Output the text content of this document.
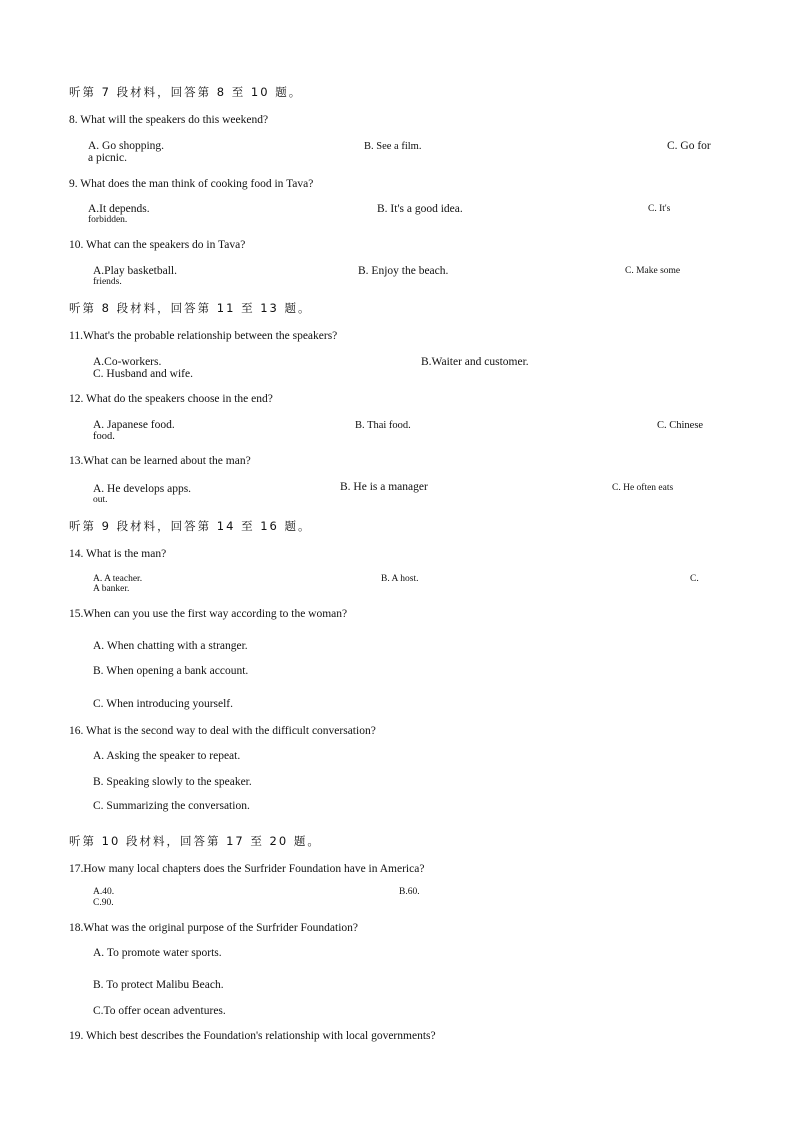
听第 7 段材料，回答第 8 至 10 题。
8. What will the speakers do this weekend?
A. Go shopping.	B. See a film.	C. Go for
a picnic.
9. What does the man think of cooking food in Tava?
A.It depends.	B. It's a good idea.	C. It's
forbidden.
10. What can the speakers do in Tava?
A.Play basketball.	B. Enjoy the beach.	C. Make some
friends.
听第 8 段材料，回答第 11 至 13 题。
11.What's the probable relationship between the speakers?
A.Co-workers.	B.Waiter and customer.
C. Husband and wife.
12. What do the speakers choose in the end?
A. Japanese food.	B. Thai food.	C. Chinese
food.
13.What can be learned about the man?
A. He develops apps.	B. He is a manager	C. He often eats
out.
听第 9 段材料，回答第 14 至 16 题。
14. What is the man?
A. A teacher.	B. A host.	C.
A banker.
15.When can you use the first way according to the woman?
A. When chatting with a stranger.
B. When opening a bank account.
C. When introducing yourself.
16. What is the second way to deal with the difficult conversation?
A. Asking the speaker to repeat.
B. Speaking slowly to the speaker.
C. Summarizing the conversation.
听第 10 段材料，回答第 17 至 20 题。
17.How many local chapters does the Surfrider Foundation have in America?
A.40.	B.60.
C.90.
18.What was the original purpose of the Surfrider Foundation?
A. To promote water sports.
B. To protect Malibu Beach.
C.To offer ocean adventures.
19. Which best describes the Foundation's relationship with local governments?
